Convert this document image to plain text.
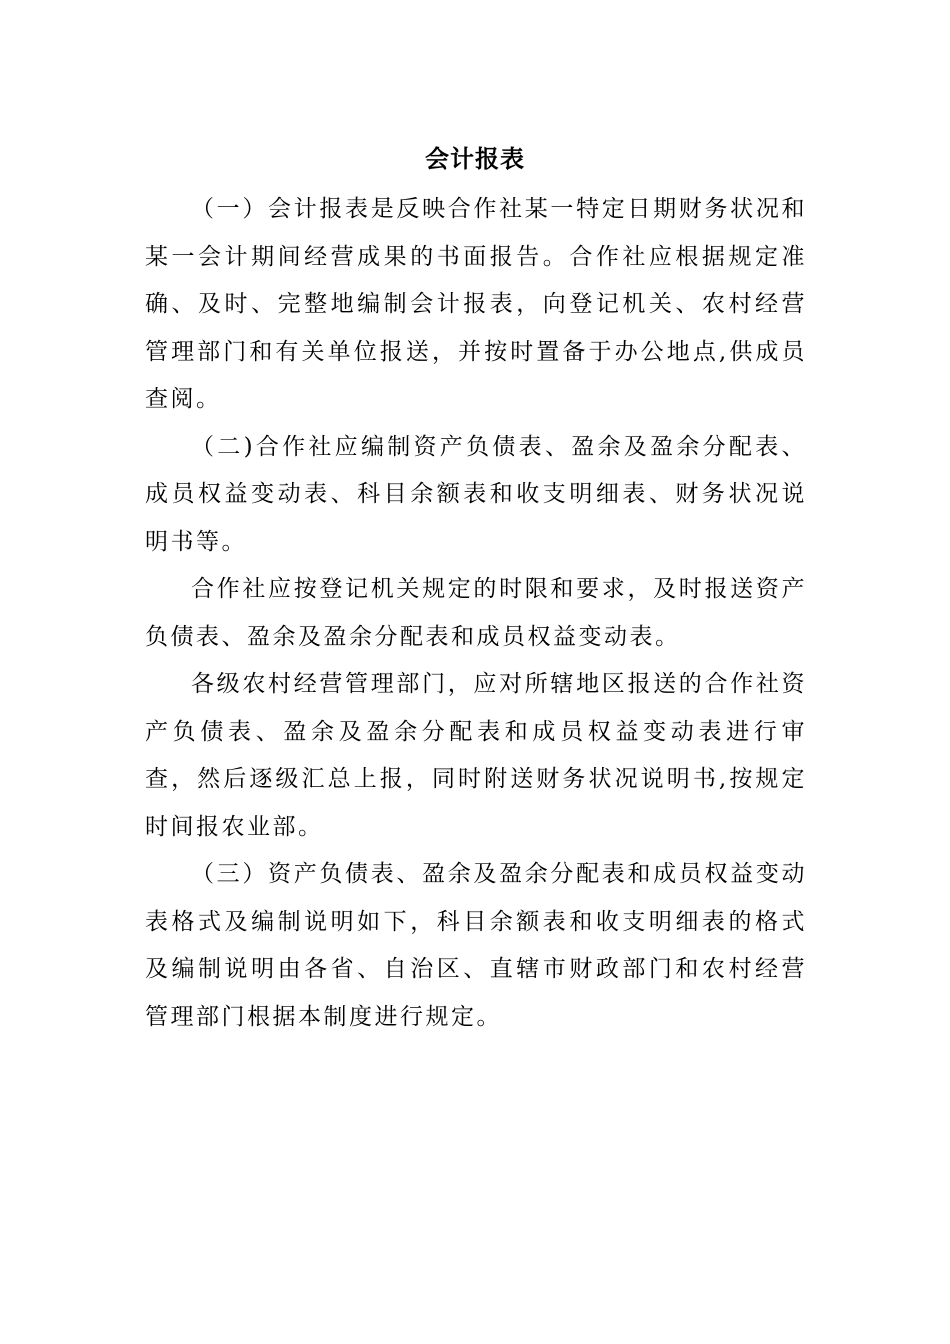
会计报表

（一）会计报表是反映合作社某一特定日期财务状况和某一会计期间经营成果的书面报告。合作社应根据规定准确、及时、完整地编制会计报表，向登记机关、农村经营管理部门和有关单位报送，并按时置备于办公地点,供成员查阅。

（二)合作社应编制资产负债表、盈余及盈余分配表、成员权益变动表、科目余额表和收支明细表、财务状况说明书等。

合作社应按登记机关规定的时限和要求，及时报送资产负债表、盈余及盈余分配表和成员权益变动表。

各级农村经营管理部门，应对所辖地区报送的合作社资产负债表、盈余及盈余分配表和成员权益变动表进行审查，然后逐级汇总上报，同时附送财务状况说明书,按规定时间报农业部。

（三）资产负债表、盈余及盈余分配表和成员权益变动表格式及编制说明如下，科目余额表和收支明细表的格式及编制说明由各省、自治区、直辖市财政部门和农村经营管理部门根据本制度进行规定。
